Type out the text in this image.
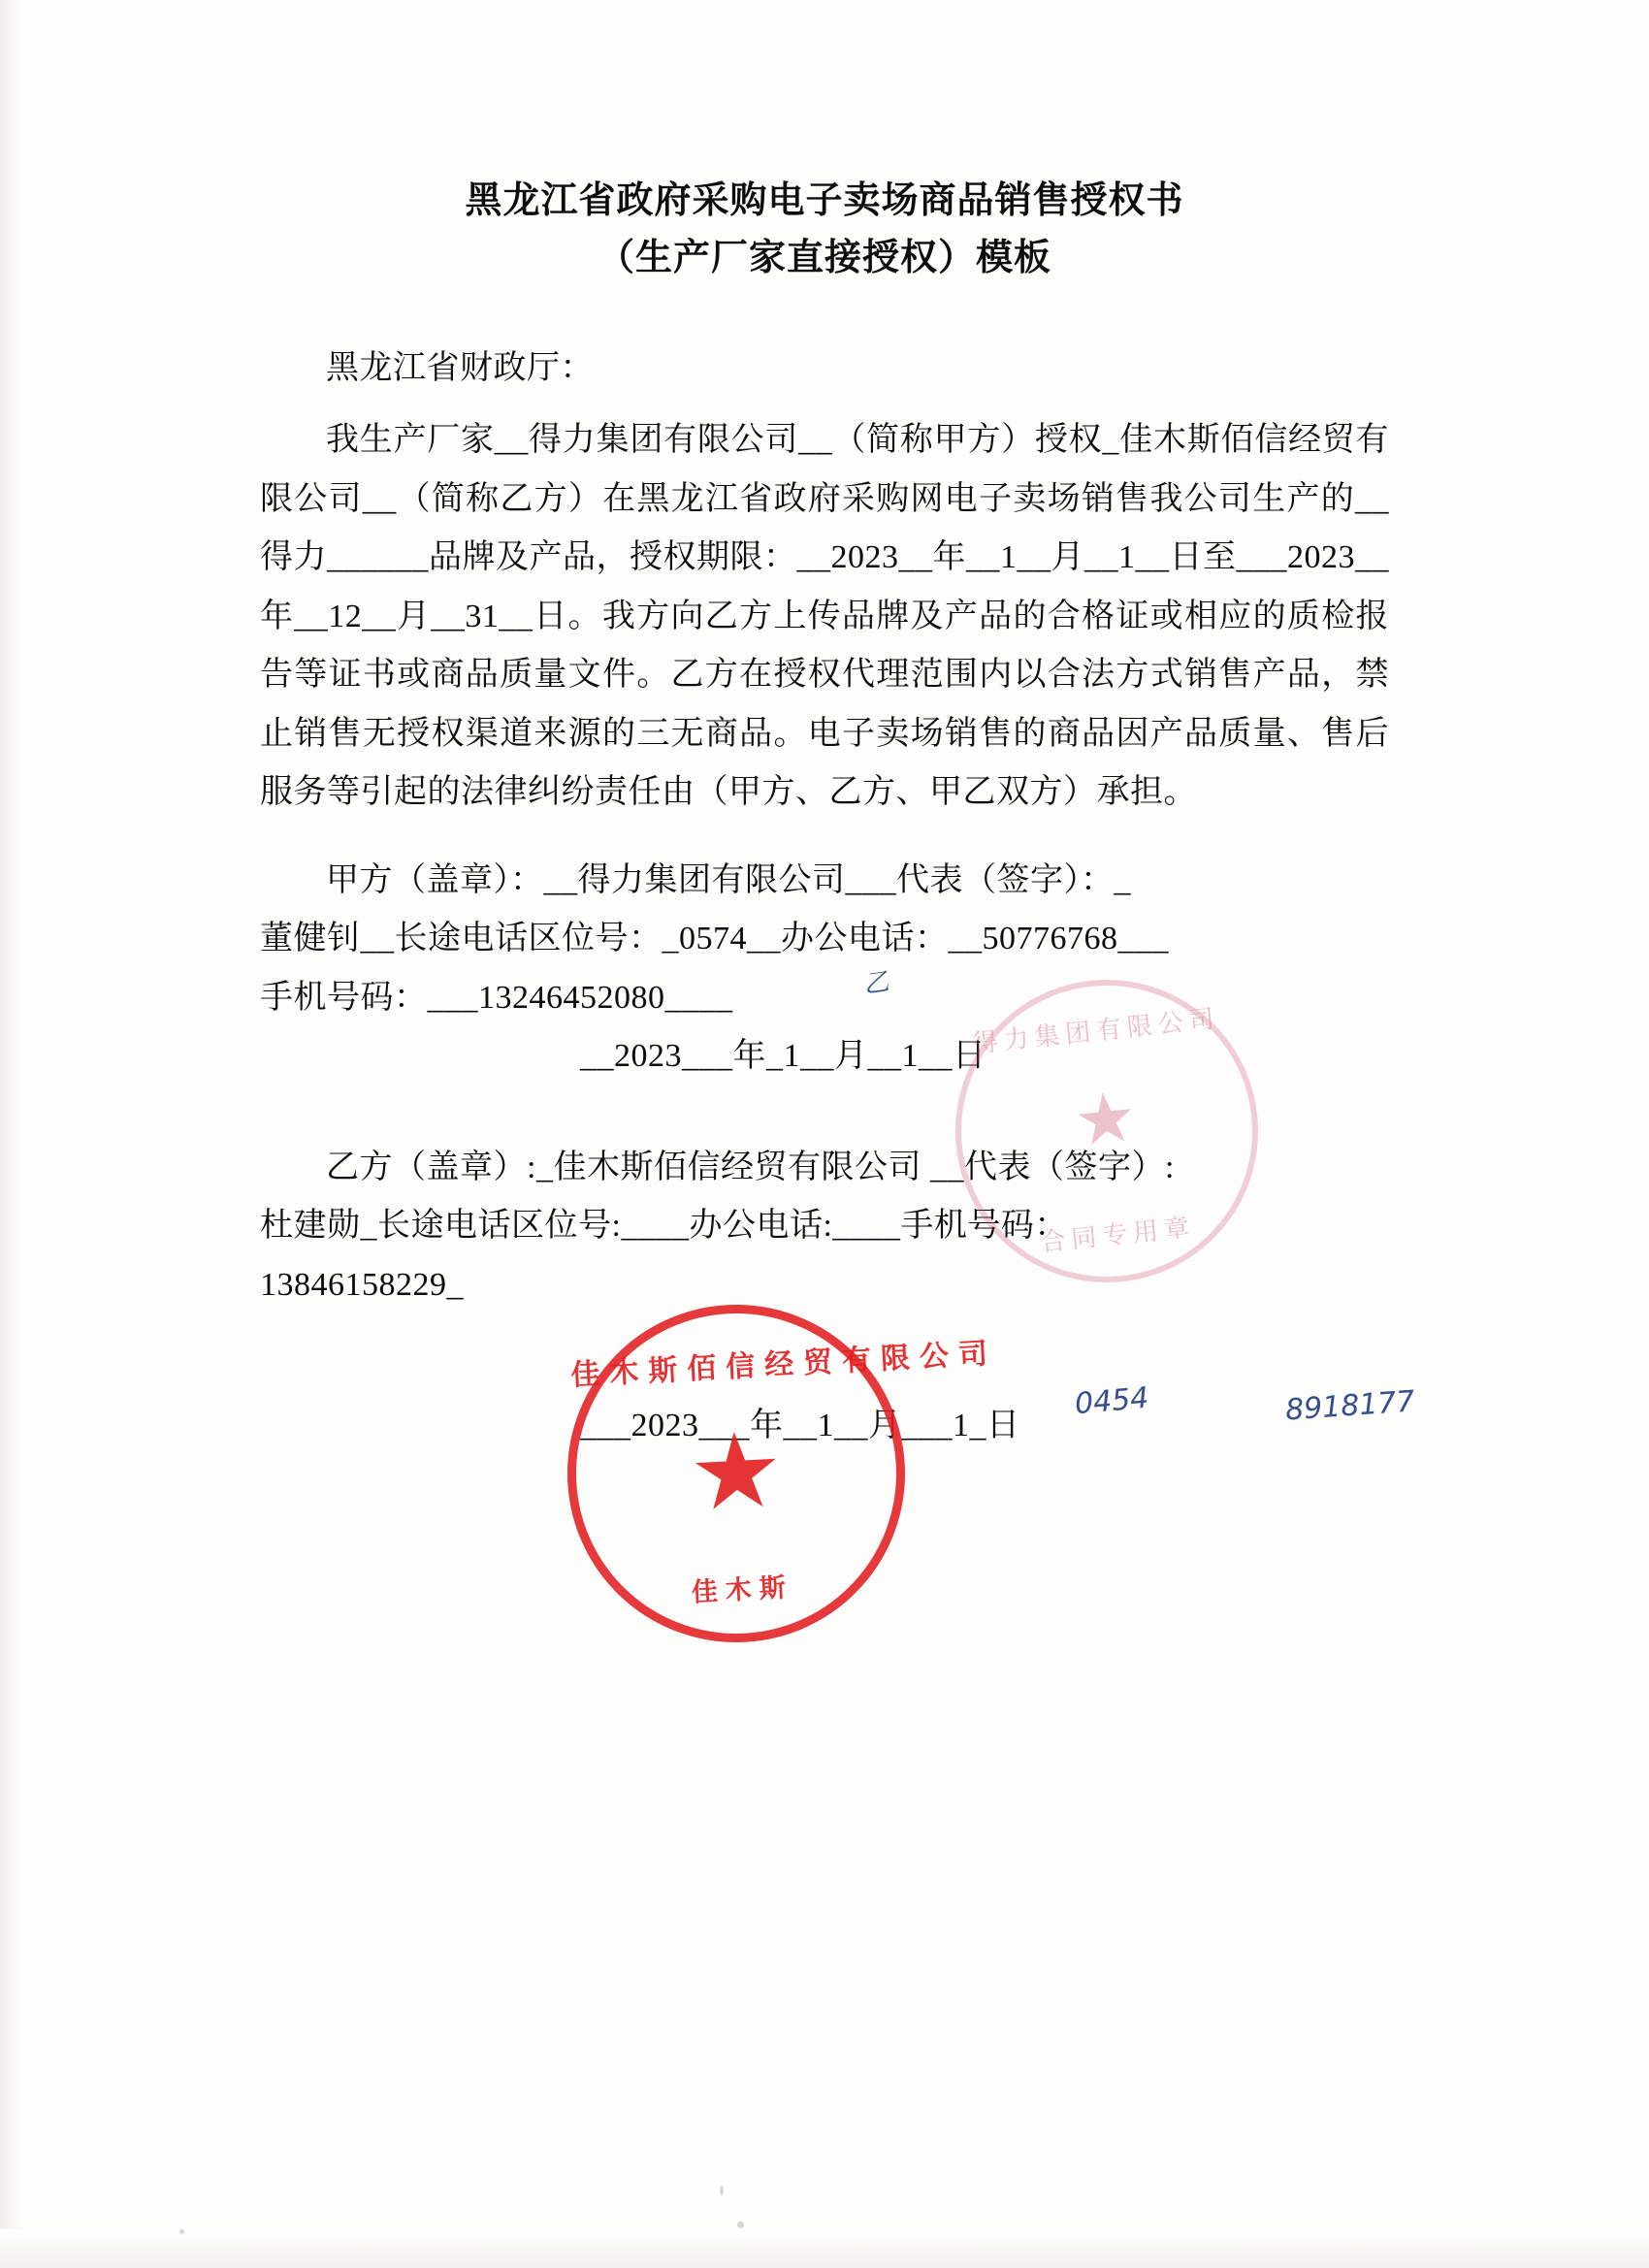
黑龙江省政府采购电子卖场商品销售授权书
（生产厂家直接授权）模板

黑龙江省财政厅：

我生产厂家__得力集团有限公司__（简称甲方）授权_佳木斯佰信经贸有限公司__（简称乙方）在黑龙江省政府采购网电子卖场销售我公司生产的__得力______品牌及产品，授权期限：__2023__年__1__月__1__日至___2023__年__12__月__31__日。我方向乙方上传品牌及产品的合格证或相应的质检报告等证书或商品质量文件。乙方在授权代理范围内以合法方式销售产品，禁止销售无授权渠道来源的三无商品。电子卖场销售的商品因产品质量、售后服务等引起的法律纠纷责任由（甲方、乙方、甲乙双方）承担。

甲方（盖章）：__得力集团有限公司___代表（签字）：_

董健钊__长途电话区位号：_0574__办公电话：__50776768___

手机号码：___13246452080____

__2023___年_1__月__1__日

乙方（盖章）:_佳木斯佰信经贸有限公司 __代表（签字）:

杜建勋_长途电话区位号:____办公电话:____手机号码：

13846158229_

___2023___年__1__月___1_日

得力集团有限公司
★
合同专用章
佳木斯佰信经贸有限公司
★
佳木斯
0454	8918177
乙
